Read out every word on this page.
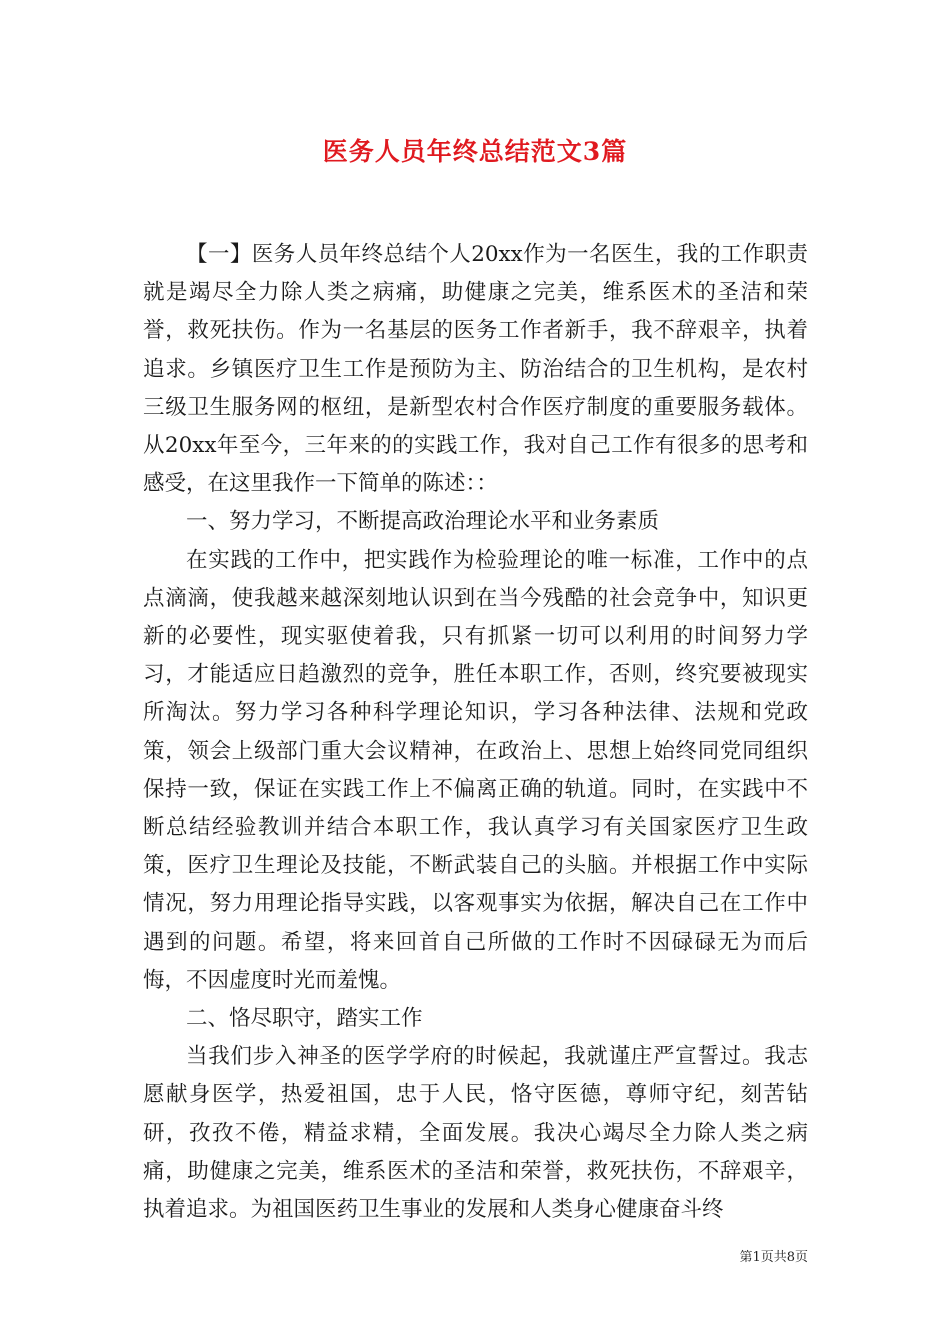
医务人员年终总结范文3篇

【一】医务人员年终总结个人20xx作为一名医生，我的工作职责就是竭尽全力除人类之病痛，助健康之完美，维系医术的圣洁和荣誉，救死扶伤。作为一名基层的医务工作者新手，我不辞艰辛，执着追求。乡镇医疗卫生工作是预防为主、防治结合的卫生机构，是农村三级卫生服务网的枢纽，是新型农村合作医疗制度的重要服务载体。从20xx年至今，三年来的的实践工作，我对自己工作有很多的思考和感受，在这里我作一下简单的陈述：：

一、努力学习，不断提高政治理论水平和业务素质

在实践的工作中，把实践作为检验理论的唯一标准，工作中的点点滴滴，使我越来越深刻地认识到在当今残酷的社会竞争中，知识更新的必要性，现实驱使着我，只有抓紧一切可以利用的时间努力学习，才能适应日趋激烈的竞争，胜任本职工作，否则，终究要被现实所淘汰。努力学习各种科学理论知识，学习各种法律、法规和党政策，领会上级部门重大会议精神，在政治上、思想上始终同党同组织保持一致，保证在实践工作上不偏离正确的轨道。同时，在实践中不断总结经验教训并结合本职工作，我认真学习有关国家医疗卫生政策，医疗卫生理论及技能，不断武装自己的头脑。并根据工作中实际情况，努力用理论指导实践，以客观事实为依据，解决自己在工作中遇到的问题。希望，将来回首自己所做的工作时不因碌碌无为而后悔，不因虚度时光而羞愧。

二、恪尽职守，踏实工作

当我们步入神圣的医学学府的时候起，我就谨庄严宣誓过。我志愿献身医学，热爱祖国，忠于人民，恪守医德，尊师守纪，刻苦钻研，孜孜不倦，精益求精，全面发展。我决心竭尽全力除人类之病痛，助健康之完美，维系医术的圣洁和荣誉，救死扶伤，不辞艰辛，执着追求。为祖国医药卫生事业的发展和人类身心健康奋斗终

第1页共8页
